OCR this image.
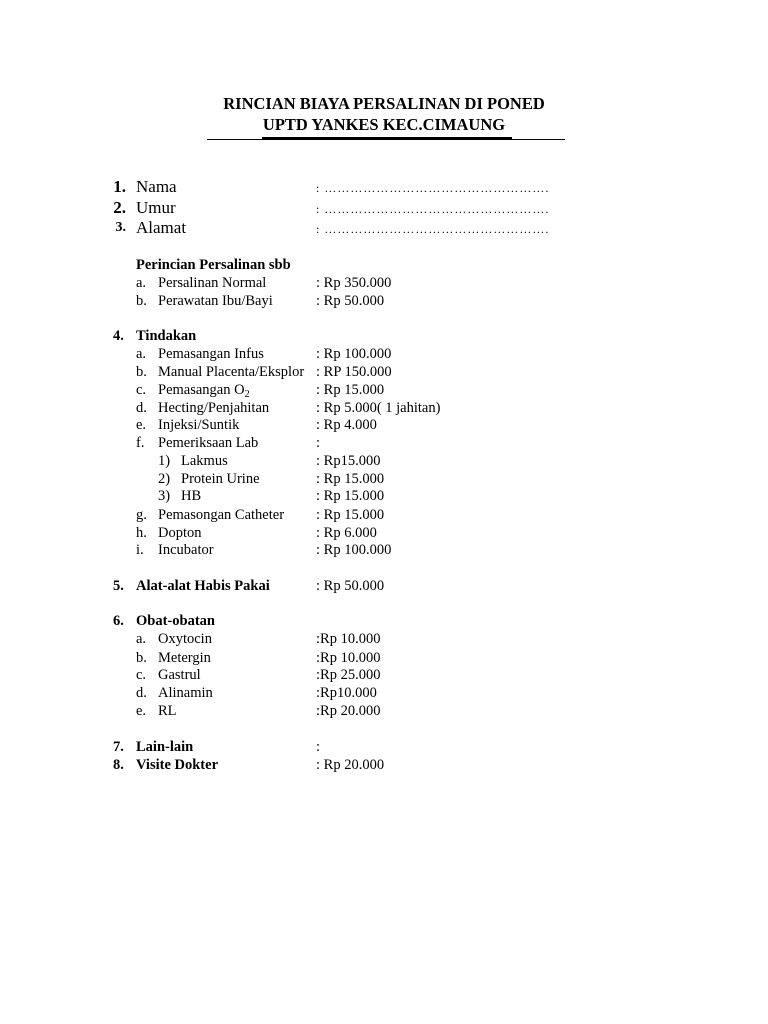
RINCIAN BIAYA PERSALINAN DI PONED
UPTD YANKES KEC.CIMAUNG
1. Nama	: …………………………………………….
2. Umur	: …………………………………………….
3. Alamat	: …………………………………………….
Perincian Persalinan sbb
a. Persalinan Normal	: Rp 350.000
b. Perawatan Ibu/Bayi	: Rp 50.000
4. Tindakan
a. Pemasangan Infus	: Rp 100.000
b. Manual Placenta/Eksplor : RP 150.000
c. Pemasangan $O_2$	: Rp 15.000
d. Hecting/Penjahitan	: Rp 5.000( 1 jahitan)
e. Injeksi/Suntik	: Rp 4.000
f. Pemeriksaan Lab	:
1) Lakmus	: Rp15.000
2) Protein Urine	: Rp 15.000
3) HB	: Rp 15.000
g. Pemasongan Catheter : Rp 15.000
h. Dopton	: Rp 6.000
i. Incubator	: Rp 100.000
5. Alat-alat Habis Pakai	: Rp 50.000
6. Obat-obatan
a. Oxytocin	:Rp 10.000
b. Metergin	:Rp 10.000
c. Gastrul	:Rp 25.000
d. Alinamin	:Rp10.000
e. RL	:Rp 20.000
7. Lain-lain	:
8. Visite Dokter	: Rp 20.000
